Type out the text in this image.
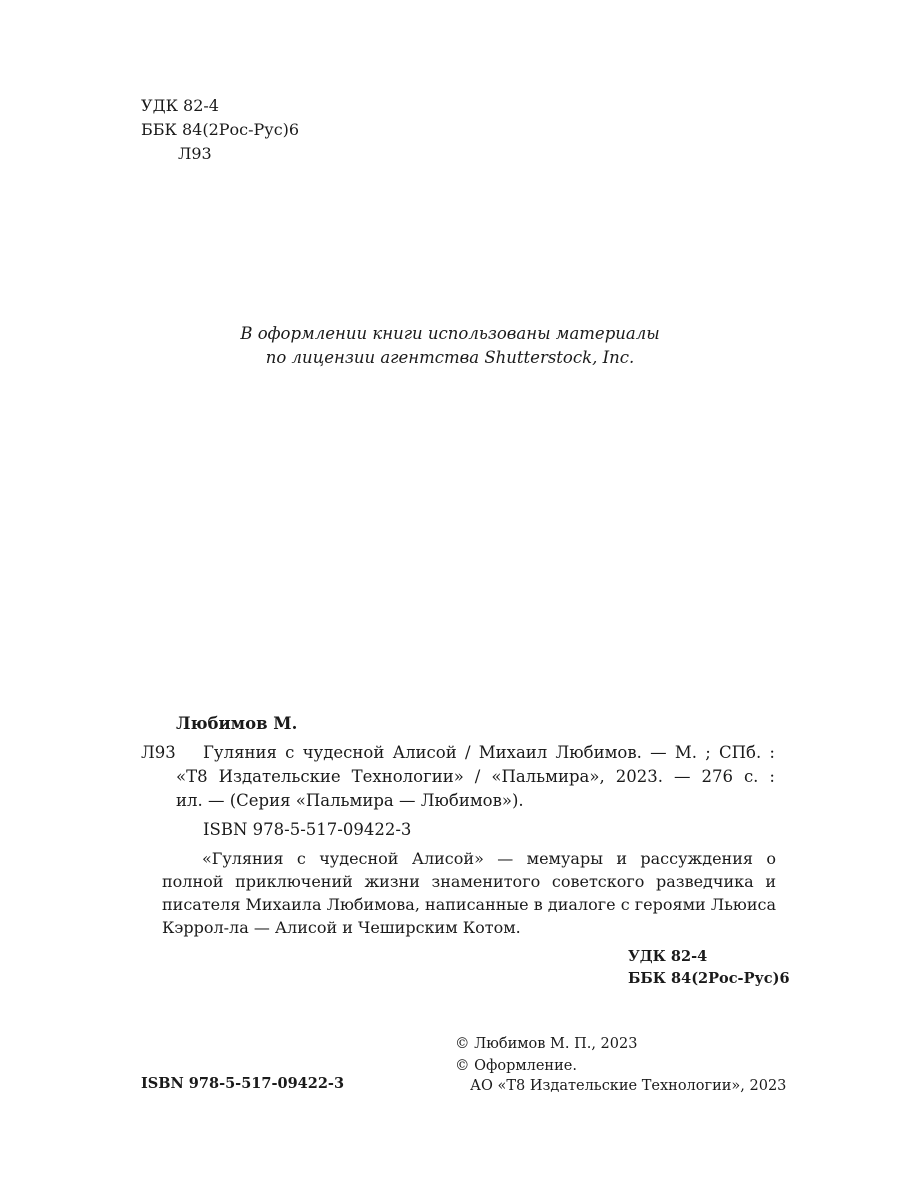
УДК 82-4
ББК 84(2Рос-Рус)6
Л93
В оформлении книги использованы материалы
по лицензии агентства Shutterstock, Inc.
Любимов М.
Л93 Гуляния с чудесной Алисой / Михаил Любимов. — М. ; СПб. :
«Т8 Издательские Технологии» / «Пальмира», 2023. — 276 с. :
ил. — (Серия «Пальмира — Любимов»).
ISBN 978-5-517-09422-3

«Гуляния с чудесной Алисой» — мемуары и рассуждения о полной приключений жизни знаменитого советского разведчика и писателя Михаила Любимова, написанные в диалоге с героями Льюиса Кэррол-ла — Алисой и Чеширским Котом.

УДК 82-4
ББК 84(2Рос-Рус)6
© Любимов М. П., 2023
© Оформление.
АО «Т8 Издательские Технологии», 2023
ISBN 978-5-517-09422-3
